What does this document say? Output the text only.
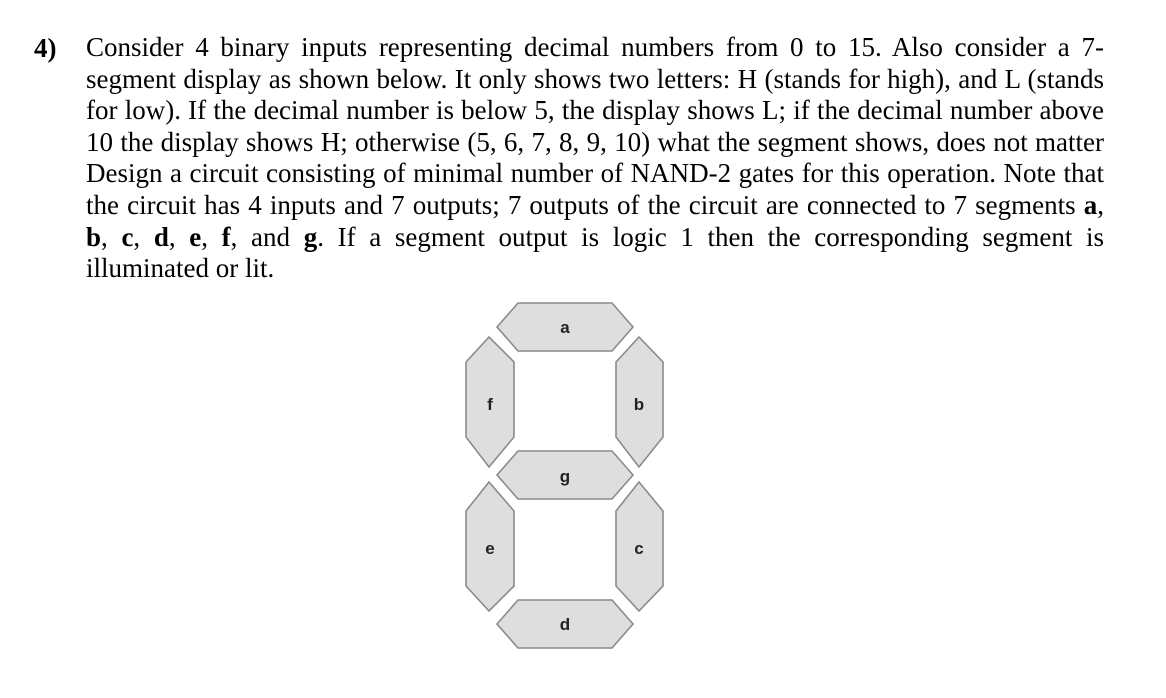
4) Consider 4 binary inputs representing decimal numbers from 0 to 15. Also consider a 7-segment display as shown below. It only shows two letters: H (stands for high), and L (stands for low). If the decimal number is below 5, the display shows L; if the decimal number above 10 the display shows H; otherwise (5, 6, 7, 8, 9, 10) what the segment shows, does not matter Design a circuit consisting of minimal number of NAND-2 gates for this operation. Note that the circuit has 4 inputs and 7 outputs; 7 outputs of the circuit are connected to 7 segments a, b, c, d, e, f, and g. If a segment output is logic 1 then the corresponding segment is illuminated or lit.
a
f	b
g
e	c
d
